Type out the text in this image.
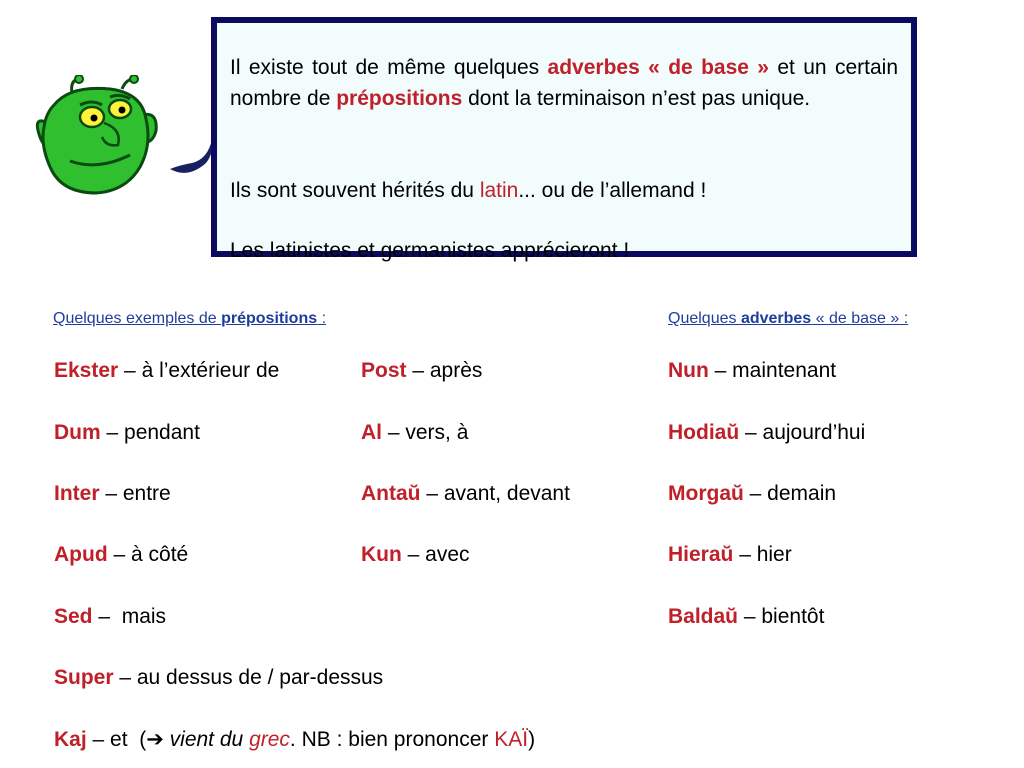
Il existe tout de même quelques adverbes « de base » et un certain nombre de prépositions dont la terminaison n’est pas unique.

Ils sont souvent hérités du latin... ou de l’allemand !

Les latinistes et germanistes apprécieront !

Quelques exemples de prépositions :	Quelques adverbes « de base » :
Ekster – à l’extérieur de
Dum – pendant
Inter – entre
Apud – à côté
Sed –  mais
Super – au dessus de / par-dessus
Kaj – et  (➔ vient du grec. NB : bien prononcer KAÏ)
Post – après
Al – vers, à
Antaŭ – avant, devant
Kun – avec
Nun – maintenant
Hodiaŭ – aujourd’hui
Morgaŭ – demain
Hieraŭ – hier
Baldaŭ – bientôt
